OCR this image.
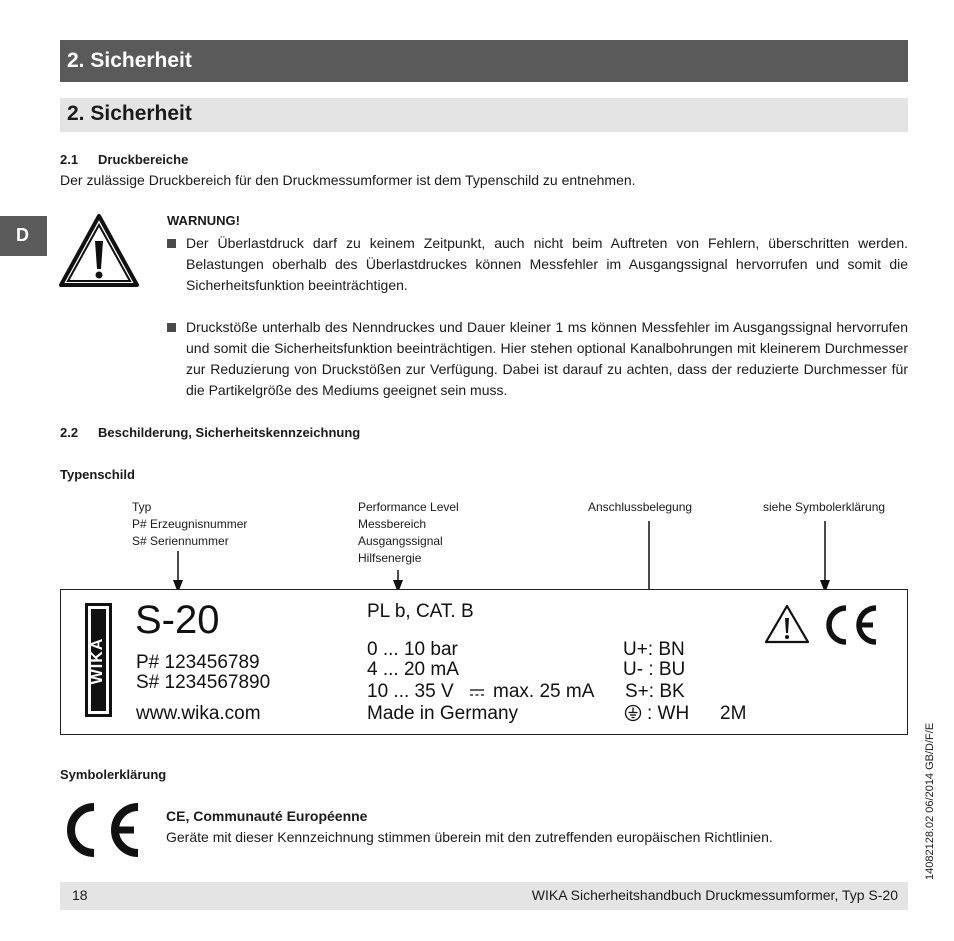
2. Sicherheit
2. Sicherheit
D
2.1 Druckbereiche
Der zulässige Druckbereich für den Druckmessumformer ist dem Typenschild zu entnehmen.
WARNUNG!
Der Überlastdruck darf zu keinem Zeitpunkt, auch nicht beim Auftreten von Fehlern, überschritten werden. Belastungen oberhalb des Überlastdruckes können Messfehler im Ausgangssignal hervorrufen und somit die Sicherheitsfunktion beeinträchtigen.
Druckstöße unterhalb des Nenndruckes und Dauer kleiner 1 ms können Messfehler im Ausgangssignal hervorrufen und somit die Sicherheitsfunktion beeinträchtigen. Hier stehen optional Kanalbohrungen mit kleinerem Durchmesser zur Reduzierung von Druckstößen zur Verfügung. Dabei ist darauf zu achten, dass der reduzierte Durchmesser für die Partikelgröße des Mediums geeignet sein muss.
2.2 Beschilderung, Sicherheitskennzeichnung
Typenschild
Typ
P# Erzeugnisnummer
S# Seriennummer
Performance Level
Messbereich
Ausgangssignal
Hilfsenergie
Anschlussbelegung	siehe Symbolerklärung
WIKA
S-20
P# 123456789
S# 1234567890
www.wika.com
PL b, CAT. B
0 ... 10 bar
4 ... 20 mA
10 ... 35 V max. 25 mA
Made in Germany
U+: BN
U- : BU
S+: BK
: WH 2M
Symbolerklärung
CE, Communauté Européenne
Geräte mit dieser Kennzeichnung stimmen überein mit den zutreffenden europäischen Richtlinien.
18	WIKA Sicherheitshandbuch Druckmessumformer, Typ S-20
14082128.02 06/2014 GB/D/F/E
